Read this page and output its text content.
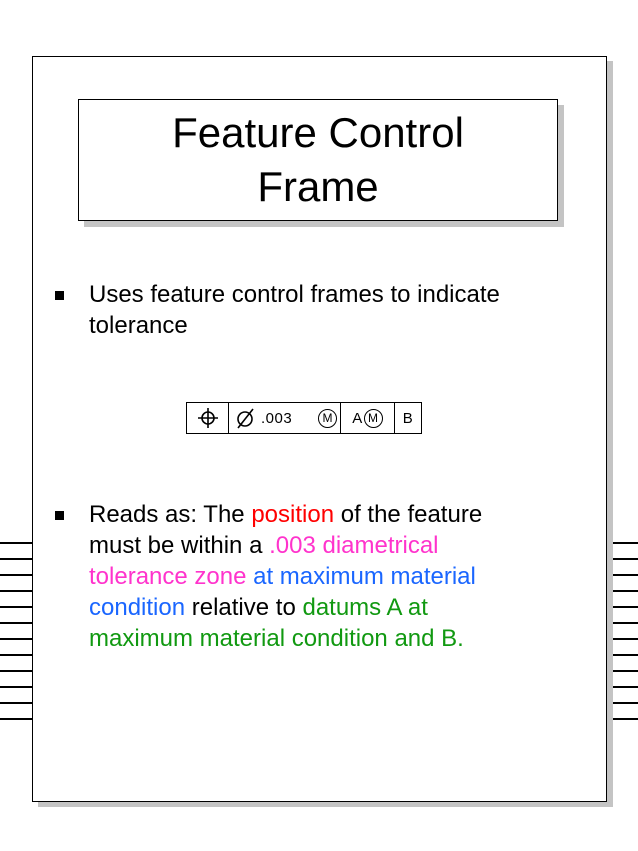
Feature Control
Frame
Uses feature control frames to indicate
tolerance
.003	M A M B
Reads as: The position of the feature
must be within a .003 diametrical
tolerance zone at maximum material
condition relative to datums A at
maximum material condition and B.
